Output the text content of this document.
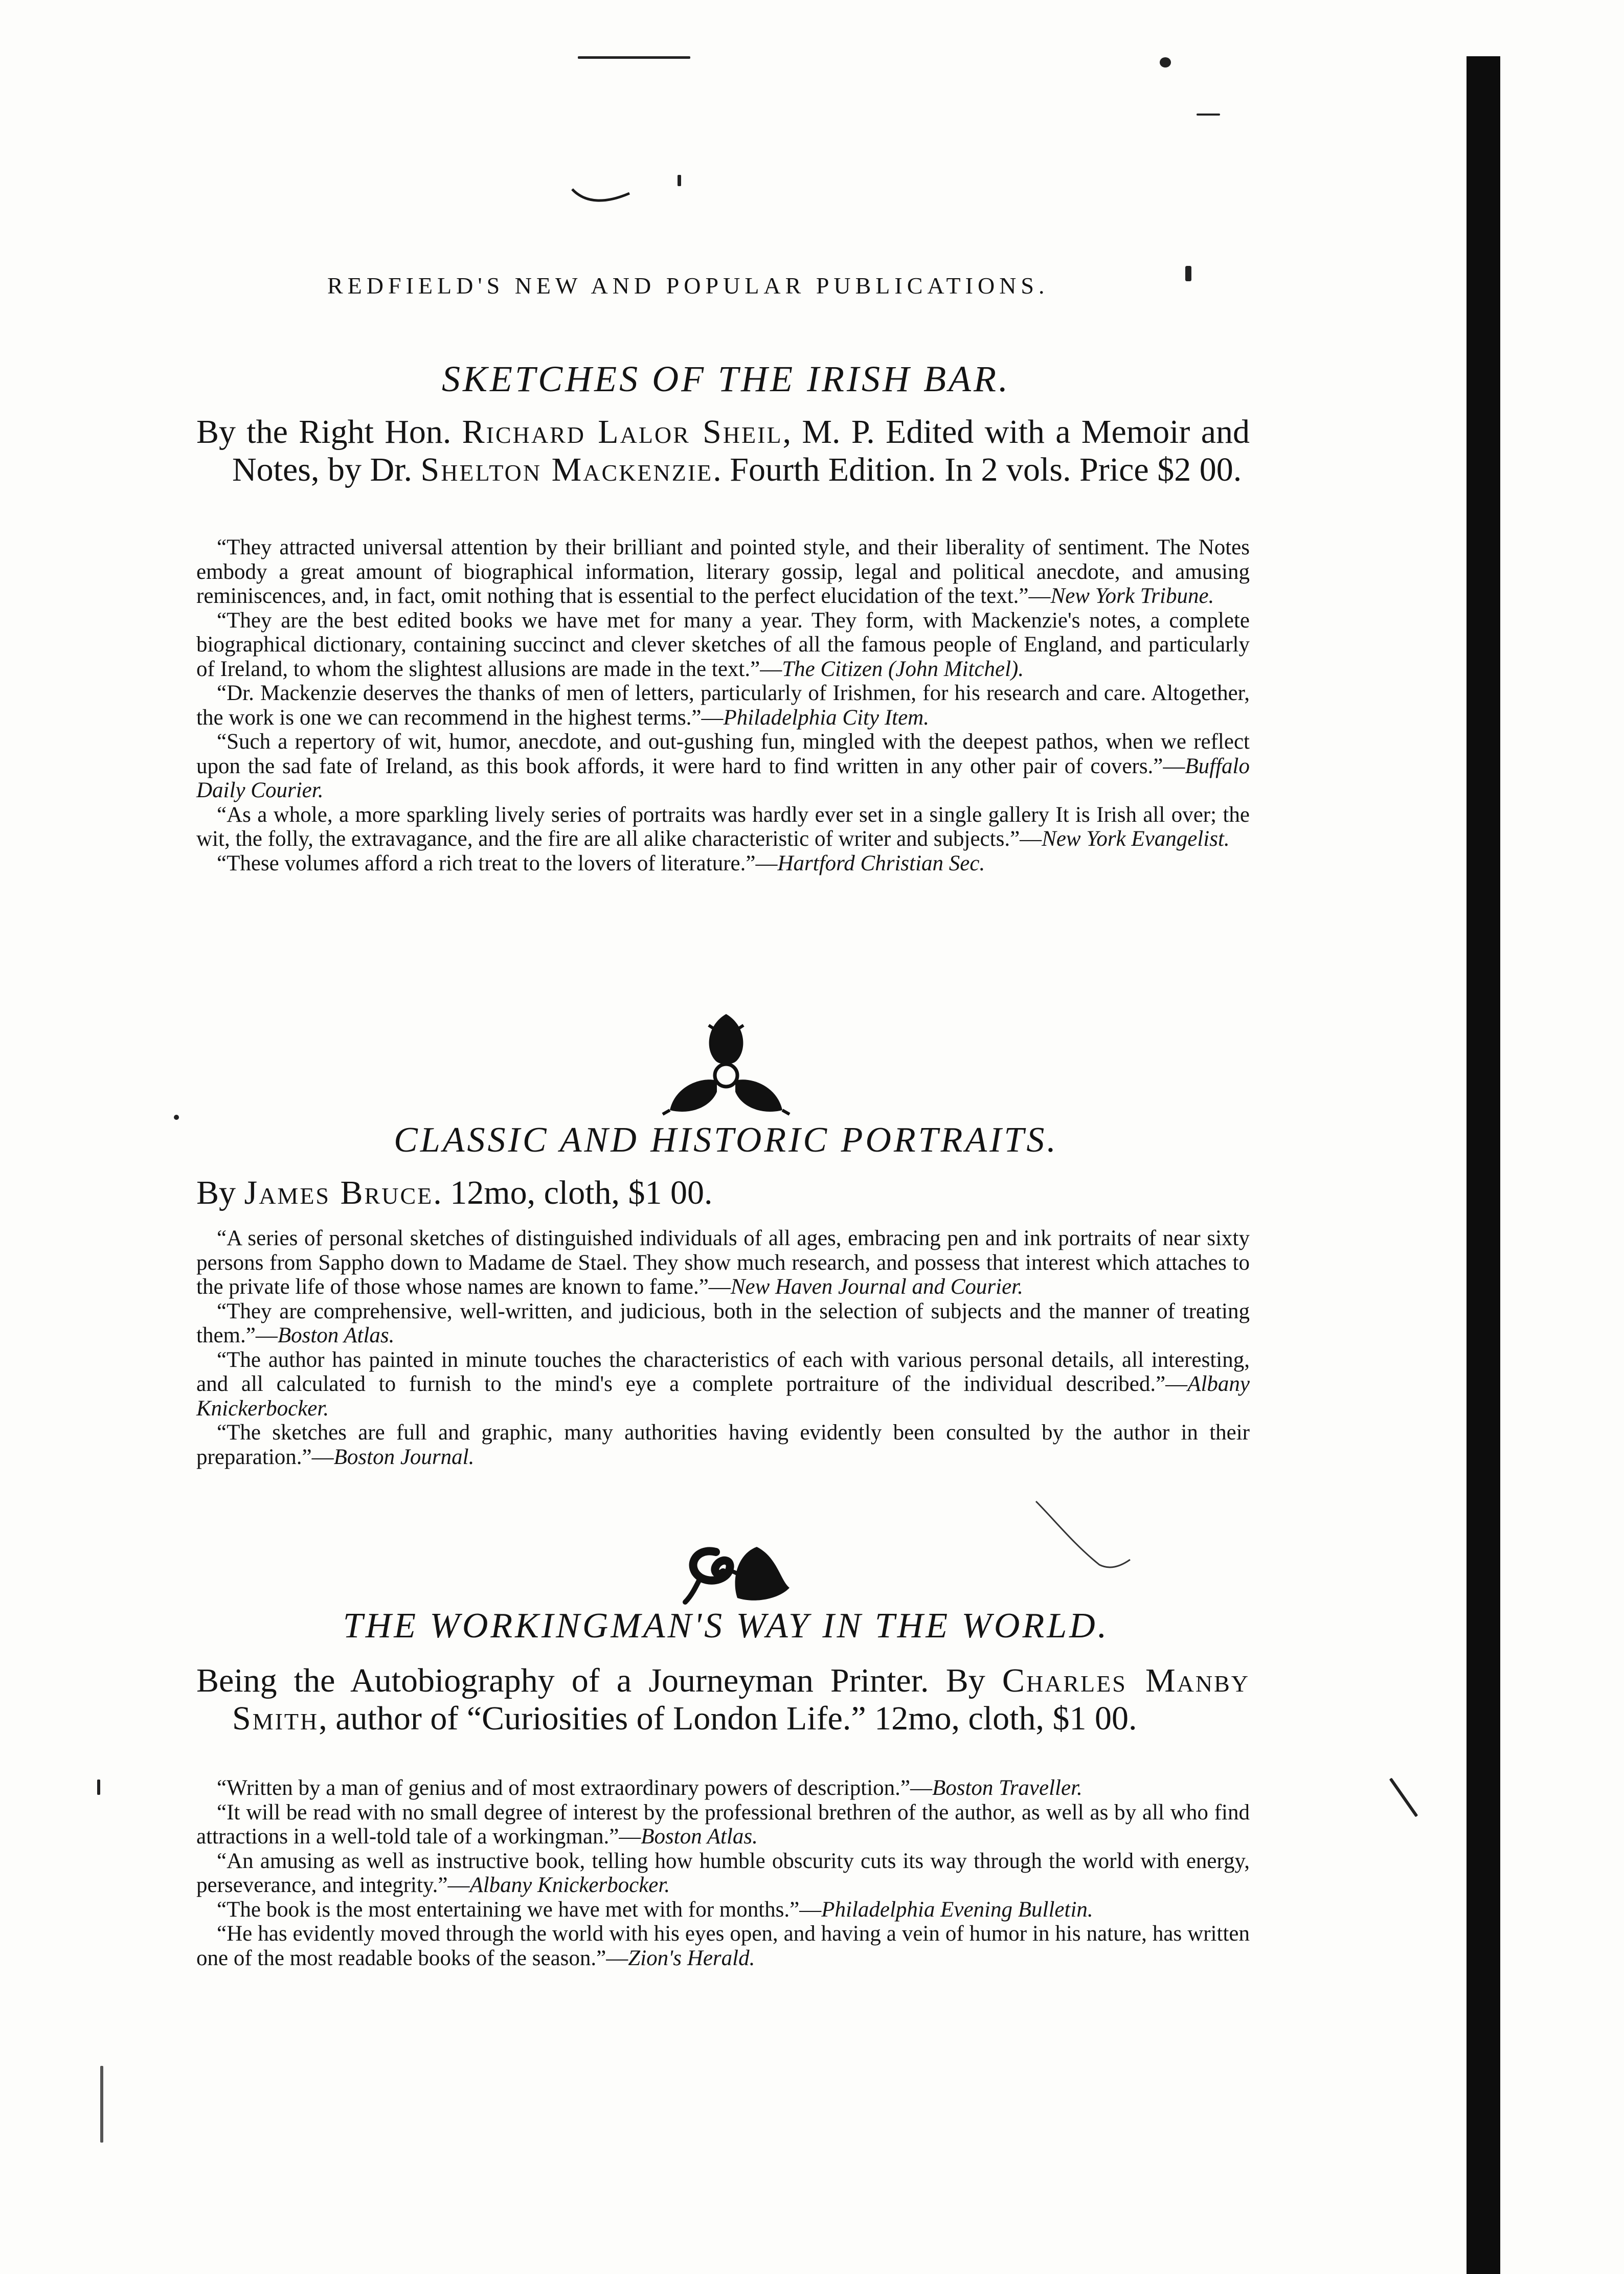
REDFIELD'S NEW AND POPULAR PUBLICATIONS.
SKETCHES OF THE IRISH BAR.
By the Right Hon. Richard Lalor Sheil, M. P. Edited with a Memoir and Notes, by Dr. Shelton Mackenzie. Fourth Edition. In 2 vols. Price $2 00.

“They attracted universal attention by their brilliant and pointed style, and their liberality of sentiment. The Notes embody a great amount of biographical information, literary gossip, legal and political anecdote, and amusing reminiscences, and, in fact, omit nothing that is essential to the perfect elucidation of the text.”—New York Tribune.

“They are the best edited books we have met for many a year. They form, with Mackenzie's notes, a complete biographical dictionary, containing succinct and clever sketches of all the famous people of England, and particularly of Ireland, to whom the slightest allusions are made in the text.”—The Citizen (John Mitchel).

“Dr. Mackenzie deserves the thanks of men of letters, particularly of Irishmen, for his research and care. Altogether, the work is one we can recommend in the highest terms.”—Philadelphia City Item.

“Such a repertory of wit, humor, anecdote, and out-gushing fun, mingled with the deepest pathos, when we reflect upon the sad fate of Ireland, as this book affords, it were hard to find written in any other pair of covers.”—Buffalo Daily Courier.

“As a whole, a more sparkling lively series of portraits was hardly ever set in a single gallery It is Irish all over; the wit, the folly, the extravagance, and the fire are all alike characteristic of writer and subjects.”—New York Evangelist.

“These volumes afford a rich treat to the lovers of literature.”—Hartford Christian Sec.

CLASSIC AND HISTORIC PORTRAITS.
By James Bruce. 12mo, cloth, $1 00.

“A series of personal sketches of distinguished individuals of all ages, embracing pen and ink portraits of near sixty persons from Sappho down to Madame de Stael. They show much research, and possess that interest which attaches to the private life of those whose names are known to fame.”—New Haven Journal and Courier.

“They are comprehensive, well-written, and judicious, both in the selection of subjects and the manner of treating them.”—Boston Atlas.

“The author has painted in minute touches the characteristics of each with various personal details, all interesting, and all calculated to furnish to the mind's eye a complete portraiture of the individual described.”—Albany Knickerbocker.

“The sketches are full and graphic, many authorities having evidently been consulted by the author in their preparation.”—Boston Journal.

THE WORKINGMAN'S WAY IN THE WORLD.
Being the Autobiography of a Journeyman Printer. By Charles Manby Smith, author of “Curiosities of London Life.” 12mo, cloth, $1 00.

“Written by a man of genius and of most extraordinary powers of description.”—Boston Traveller.

“It will be read with no small degree of interest by the professional brethren of the author, as well as by all who find attractions in a well-told tale of a workingman.”—Boston Atlas.

“An amusing as well as instructive book, telling how humble obscurity cuts its way through the world with energy, perseverance, and integrity.”—Albany Knickerbocker.

“The book is the most entertaining we have met with for months.”—Philadelphia Evening Bulletin.

“He has evidently moved through the world with his eyes open, and having a vein of humor in his nature, has written one of the most readable books of the season.”—Zion's Herald.
